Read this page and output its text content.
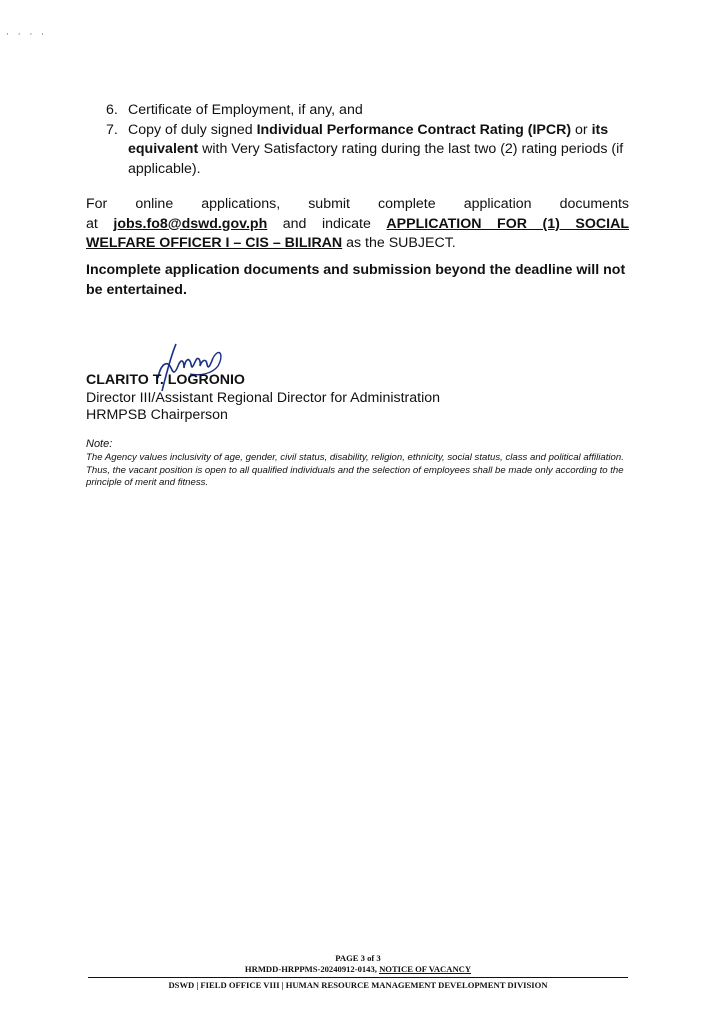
· · · ·
6. Certificate of Employment, if any, and
7. Copy of duly signed Individual Performance Contract Rating (IPCR) or its
equivalent with Very Satisfactory rating during the last two (2) rating periods (if applicable).
For online applications, submit complete application documents
at jobs.fo8@dswd.gov.ph and indicate APPLICATION FOR (1) SOCIAL
WELFARE OFFICER I – CIS – BILIRAN as the SUBJECT.
Incomplete application documents and submission beyond the deadline will not be entertained.
CLARITO T. LOGRONIO
Director III/Assistant Regional Director for Administration
HRMPSB Chairperson
Note:
The Agency values inclusivity of age, gender, civil status, disability, religion, ethnicity, social status, class and political affiliation. Thus, the vacant position is open to all qualified individuals and the selection of employees shall be made only according to the principle of merit and fitness.
PAGE 3 of 3
HRMDD-HRPPMS-20240912-0143, NOTICE OF VACANCY
DSWD | FIELD OFFICE VIII | HUMAN RESOURCE MANAGEMENT DEVELOPMENT DIVISION
